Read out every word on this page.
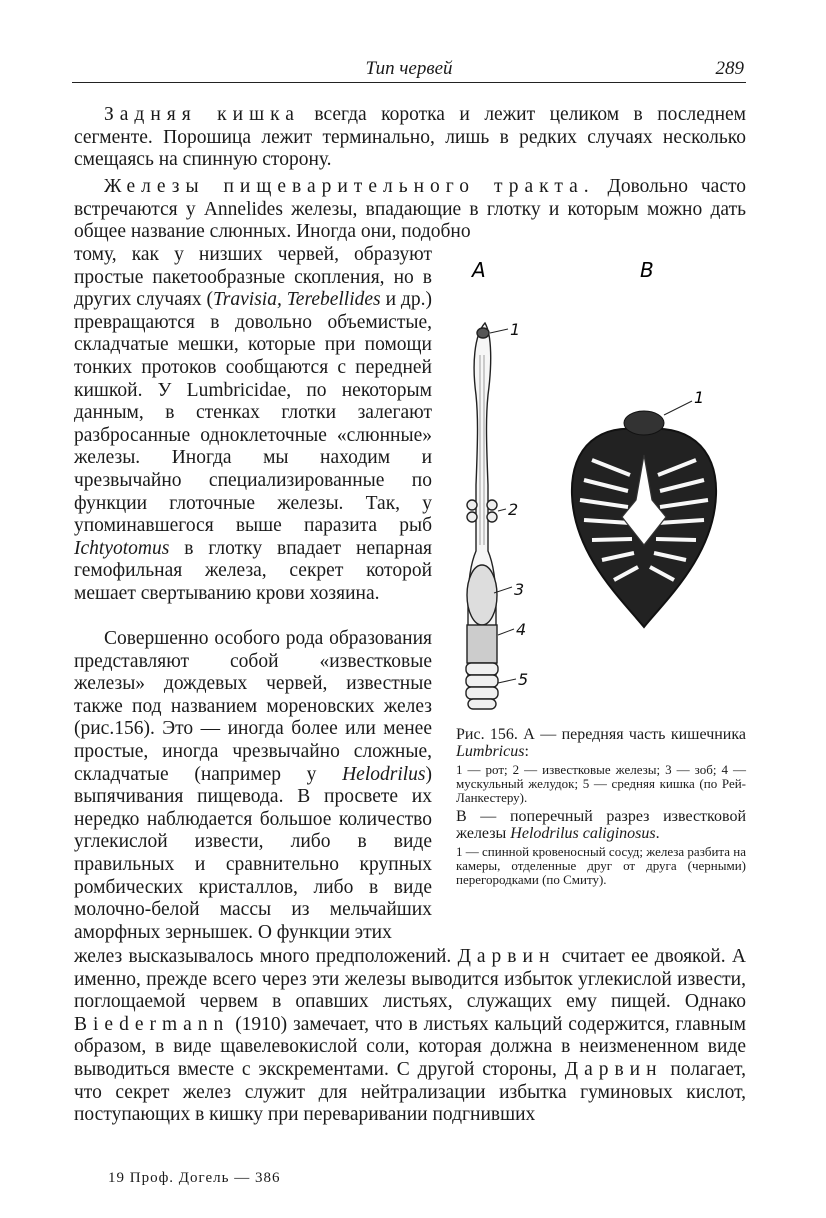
Тип червей	289

Задняя кишка всегда коротка и лежит целиком в последнем сегменте. Порошица лежит терминально, лишь в редких случаях несколько смещаясь на спинную сторону.

Железы пищеварительного тракта. Довольно часто встречаются у Annelides железы, впадающие в глотку и которым можно дать общее название слюнных. Иногда они, подобно

тому, как у низших червей, образуют простые пакетообразные скопления, но в других случаях (Travisia, Terebellides и др.) превращаются в довольно объемистые, складчатые мешки, которые при помощи тонких протоков сообщаются с передней кишкой. У Lumbricidae, по некоторым данным, в стенках глотки залегают разбросанные одноклеточные «слюнные» железы. Иногда мы находим и чрезвычайно специализированные по функции глоточные железы. Так, у упоминавшегося выше паразита рыб Ichtyotomus в глотку впадает непарная гемофильная железа, секрет которой мешает свертыванию крови хозяина.

Совершенно особого рода образования представляют собой «известковые железы» дождевых червей, известные также под названием мореновских желез (рис.156). Это — иногда более или менее простые, иногда чрезвычайно сложные, складчатые (например у Helodrilus) выпячивания пищевода. В просвете их нередко наблюдается большое количество углекислой извести, либо в виде правильных и сравнительно крупных ромбических кристаллов, либо в виде молочно-белой массы из мельчайших аморфных зернышек. О функции этих

желез высказывалось много предположений. Дарвин считает ее двоякой. А именно, прежде всего через эти железы выводится избыток углекислой извести, поглощаемой червем в опавших листьях, служащих ему пищей. Однако Biedermann (1910) замечает, что в листьях кальций содержится, главным образом, в виде щавелевокислой соли, которая должна в неизмененном виде выводиться вместе с экскрементами. С другой стороны, Дарвин полагает, что секрет желез служит для нейтрализации избытка гуминовых кислот, поступающих в кишку при переваривании подгнивших

A	B
1
2
3
4
5
1
Рис. 156. А — передняя часть кишечника Lumbricus:
1 — рот; 2 — известковые железы; 3 — зоб; 4 — мускульный желудок; 5 — средняя кишка (по Рей-Ланкестеру).
B — поперечный разрез известковой железы Helodrilus caliginosus.
1 — спинной кровеносный сосуд; железа разбита на камеры, отделенные друг от друга (черными) перегородками (по Смиту).
19 Проф. Догель — 386
